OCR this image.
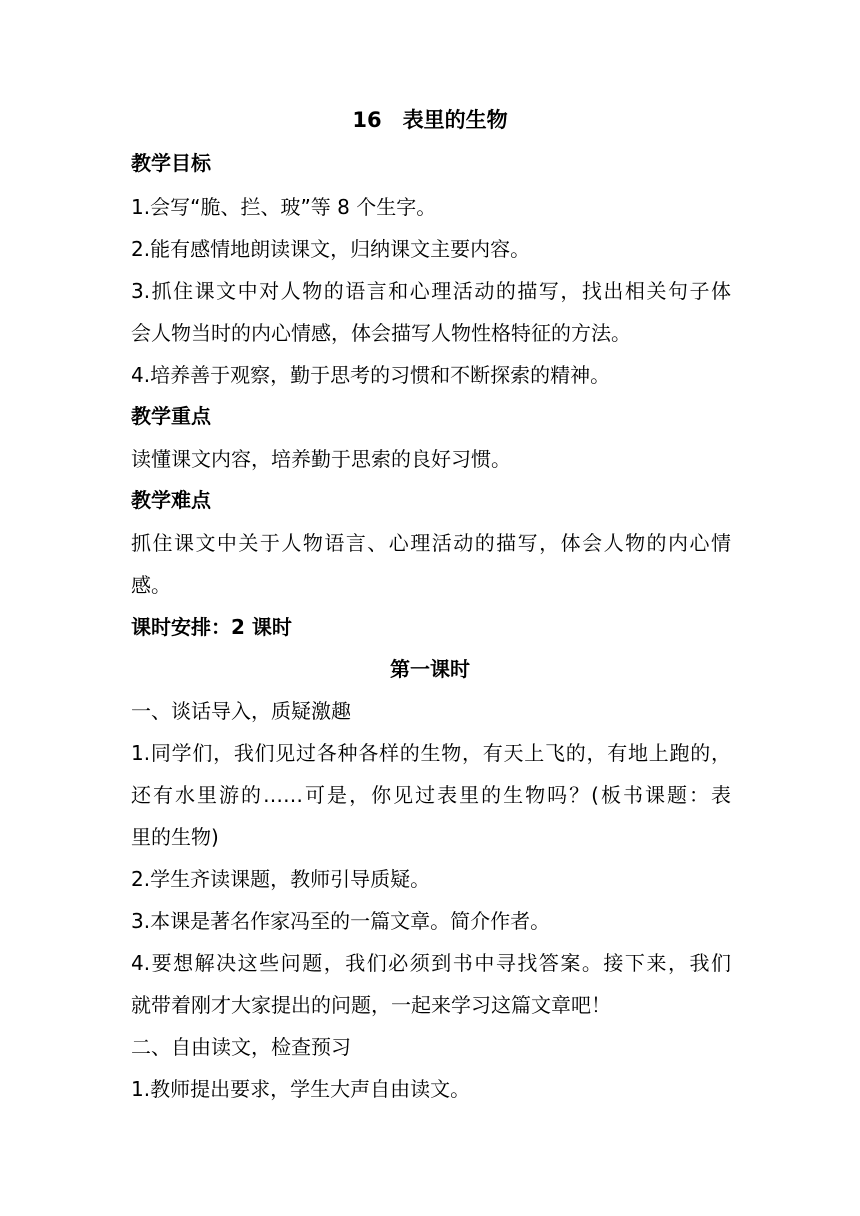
16　表里的生物
教学目标
1.会写“脆、拦、玻”等 8 个生字。
2.能有感情地朗读课文，归纳课文主要内容。
3.抓住课文中对人物的语言和心理活动的描写，找出相关句子体
会人物当时的内心情感，体会描写人物性格特征的方法。
4.培养善于观察，勤于思考的习惯和不断探索的精神。
教学重点
读懂课文内容，培养勤于思索的良好习惯。
教学难点
抓住课文中关于人物语言、心理活动的描写，体会人物的内心情
感。
课时安排：2 课时
第一课时
一、谈话导入，质疑激趣
1.同学们，我们见过各种各样的生物，有天上飞的，有地上跑的，
还有水里游的……可是，你见过表里的生物吗？(板书课题：表
里的生物)
2.学生齐读课题，教师引导质疑。
3.本课是著名作家冯至的一篇文章。简介作者。
4.要想解决这些问题，我们必须到书中寻找答案。接下来，我们
就带着刚才大家提出的问题，一起来学习这篇文章吧！
二、自由读文，检查预习
1.教师提出要求，学生大声自由读文。
